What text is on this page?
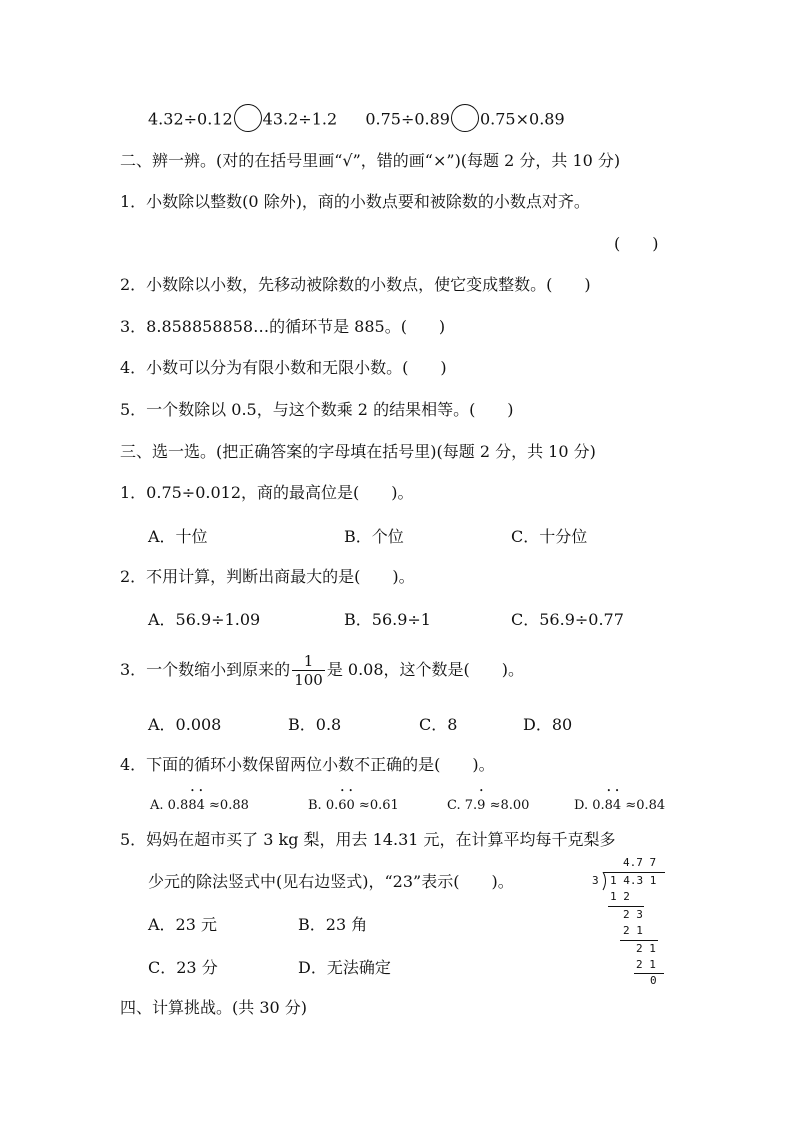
4.32÷0.12 43.2÷1.2 0.75÷0.89 0.75×0.89
二、辨一辨。(对的在括号里画“√”，错的画“×”)(每题 2 分，共 10 分)
1．小数除以整数(0 除外)，商的小数点要和被除数的小数点对齐。
(　　)
2．小数除以小数，先移动被除数的小数点，使它变成整数。(　　)
3．8.858858858…的循环节是 885。(　　)
4．小数可以分为有限小数和无限小数。(　　)
5．一个数除以 0.5，与这个数乘 2 的结果相等。(　　)
三、选一选。(把正确答案的字母填在括号里)(每题 2 分，共 10 分)
1．0.75÷0.012，商的最高位是(　　)。
A．十位	B．个位	C．十分位
2．不用计算，判断出商最大的是(　　)。
A．56.9÷1.09	B．56.9÷1	C．56.9÷0.77
3．一个数缩小到原来的 $\frac{1}{100}$ 是 0.08，这个数是(　　)。
A．0.008	B．0.8	C．8	D．80
4．下面的循环小数保留两位小数不正确的是(　　)。
A. 0.8• 8• 4 ≈0.88	B. 0.• 6• 0 ≈0.61	C. 7.• 9 ≈8.00	D. 0.• 8• 4 ≈0.84
5．妈妈在超市买了 3 kg 梨，用去 14.31 元，在计算平均每千克梨多
少元的除法竖式中(见右边竖式)，“23”表示(　　)。
A．23 元	B．23 角
C．23 分	D．无法确定
4.7 7
3 1 4.3 1
1 2
2 3
2 1
2 1
2 1
0
四、计算挑战。(共 30 分)
